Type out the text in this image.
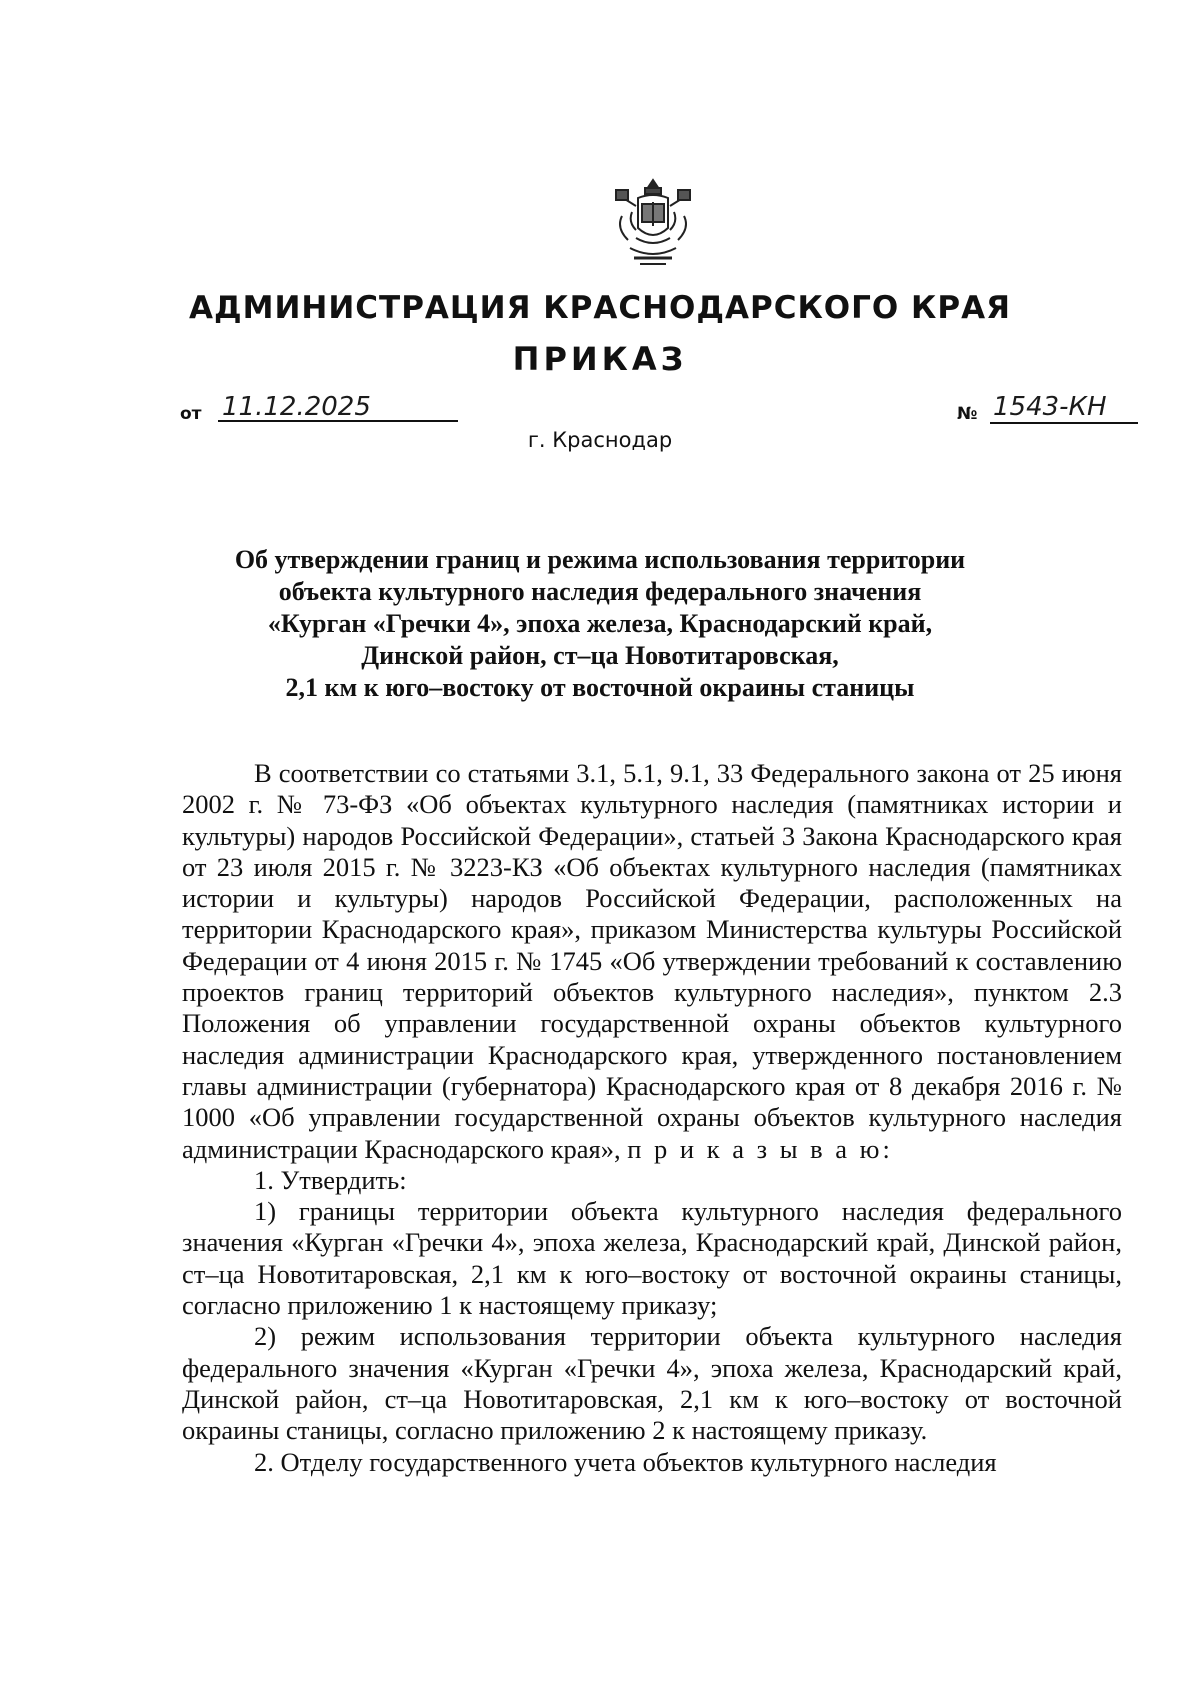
АДМИНИСТРАЦИЯ КРАСНОДАРСКОГО КРАЯ
ПРИКАЗ
от 11.12.2025	№ 1543-КН
г. Краснодар
Об утверждении границ и режима использования территории
объекта культурного наследия федерального значения
«Курган «Гречки 4», эпоха железа, Краснодарский край,
Динской район, ст–ца Новотитаровская,
2,1 км к юго–востоку от восточной окраины станицы

В соответствии со статьями 3.1, 5.1, 9.1, 33 Федерального закона от 25 июня 2002 г. № 73-ФЗ «Об объектах культурного наследия (памятниках истории и культуры) народов Российской Федерации», статьей 3 Закона Краснодарского края от 23 июля 2015 г. № 3223-КЗ «Об объектах культурного наследия (памятниках истории и культуры) народов Российской Федерации, расположенных на территории Краснодарского края», приказом Министерства культуры Российской Федерации от 4 июня 2015 г. № 1745 «Об утверждении требований к составлению проектов границ территорий объектов культурного наследия», пунктом 2.3 Положения об управлении государственной охраны объектов культурного наследия администрации Краснодарского края, утвержденного постановлением главы администрации (губернатора) Краснодарского края от 8 декабря 2016 г. № 1000 «Об управлении государственной охраны объектов культурного наследия администрации Краснодарского края», п р и к а з ы в а ю:

1. Утвердить:

1) границы территории объекта культурного наследия федерального значения «Курган «Гречки 4», эпоха железа, Краснодарский край, Динской район, ст–ца Новотитаровская, 2,1 км к юго–востоку от восточной окраины станицы, согласно приложению 1 к настоящему приказу;

2) режим использования территории объекта культурного наследия федерального значения «Курган «Гречки 4», эпоха железа, Краснодарский край, Динской район, ст–ца Новотитаровская, 2,1 км к юго–востоку от восточной окраины станицы, согласно приложению 2 к настоящему приказу.

2. Отделу государственного учета объектов культурного наследия
